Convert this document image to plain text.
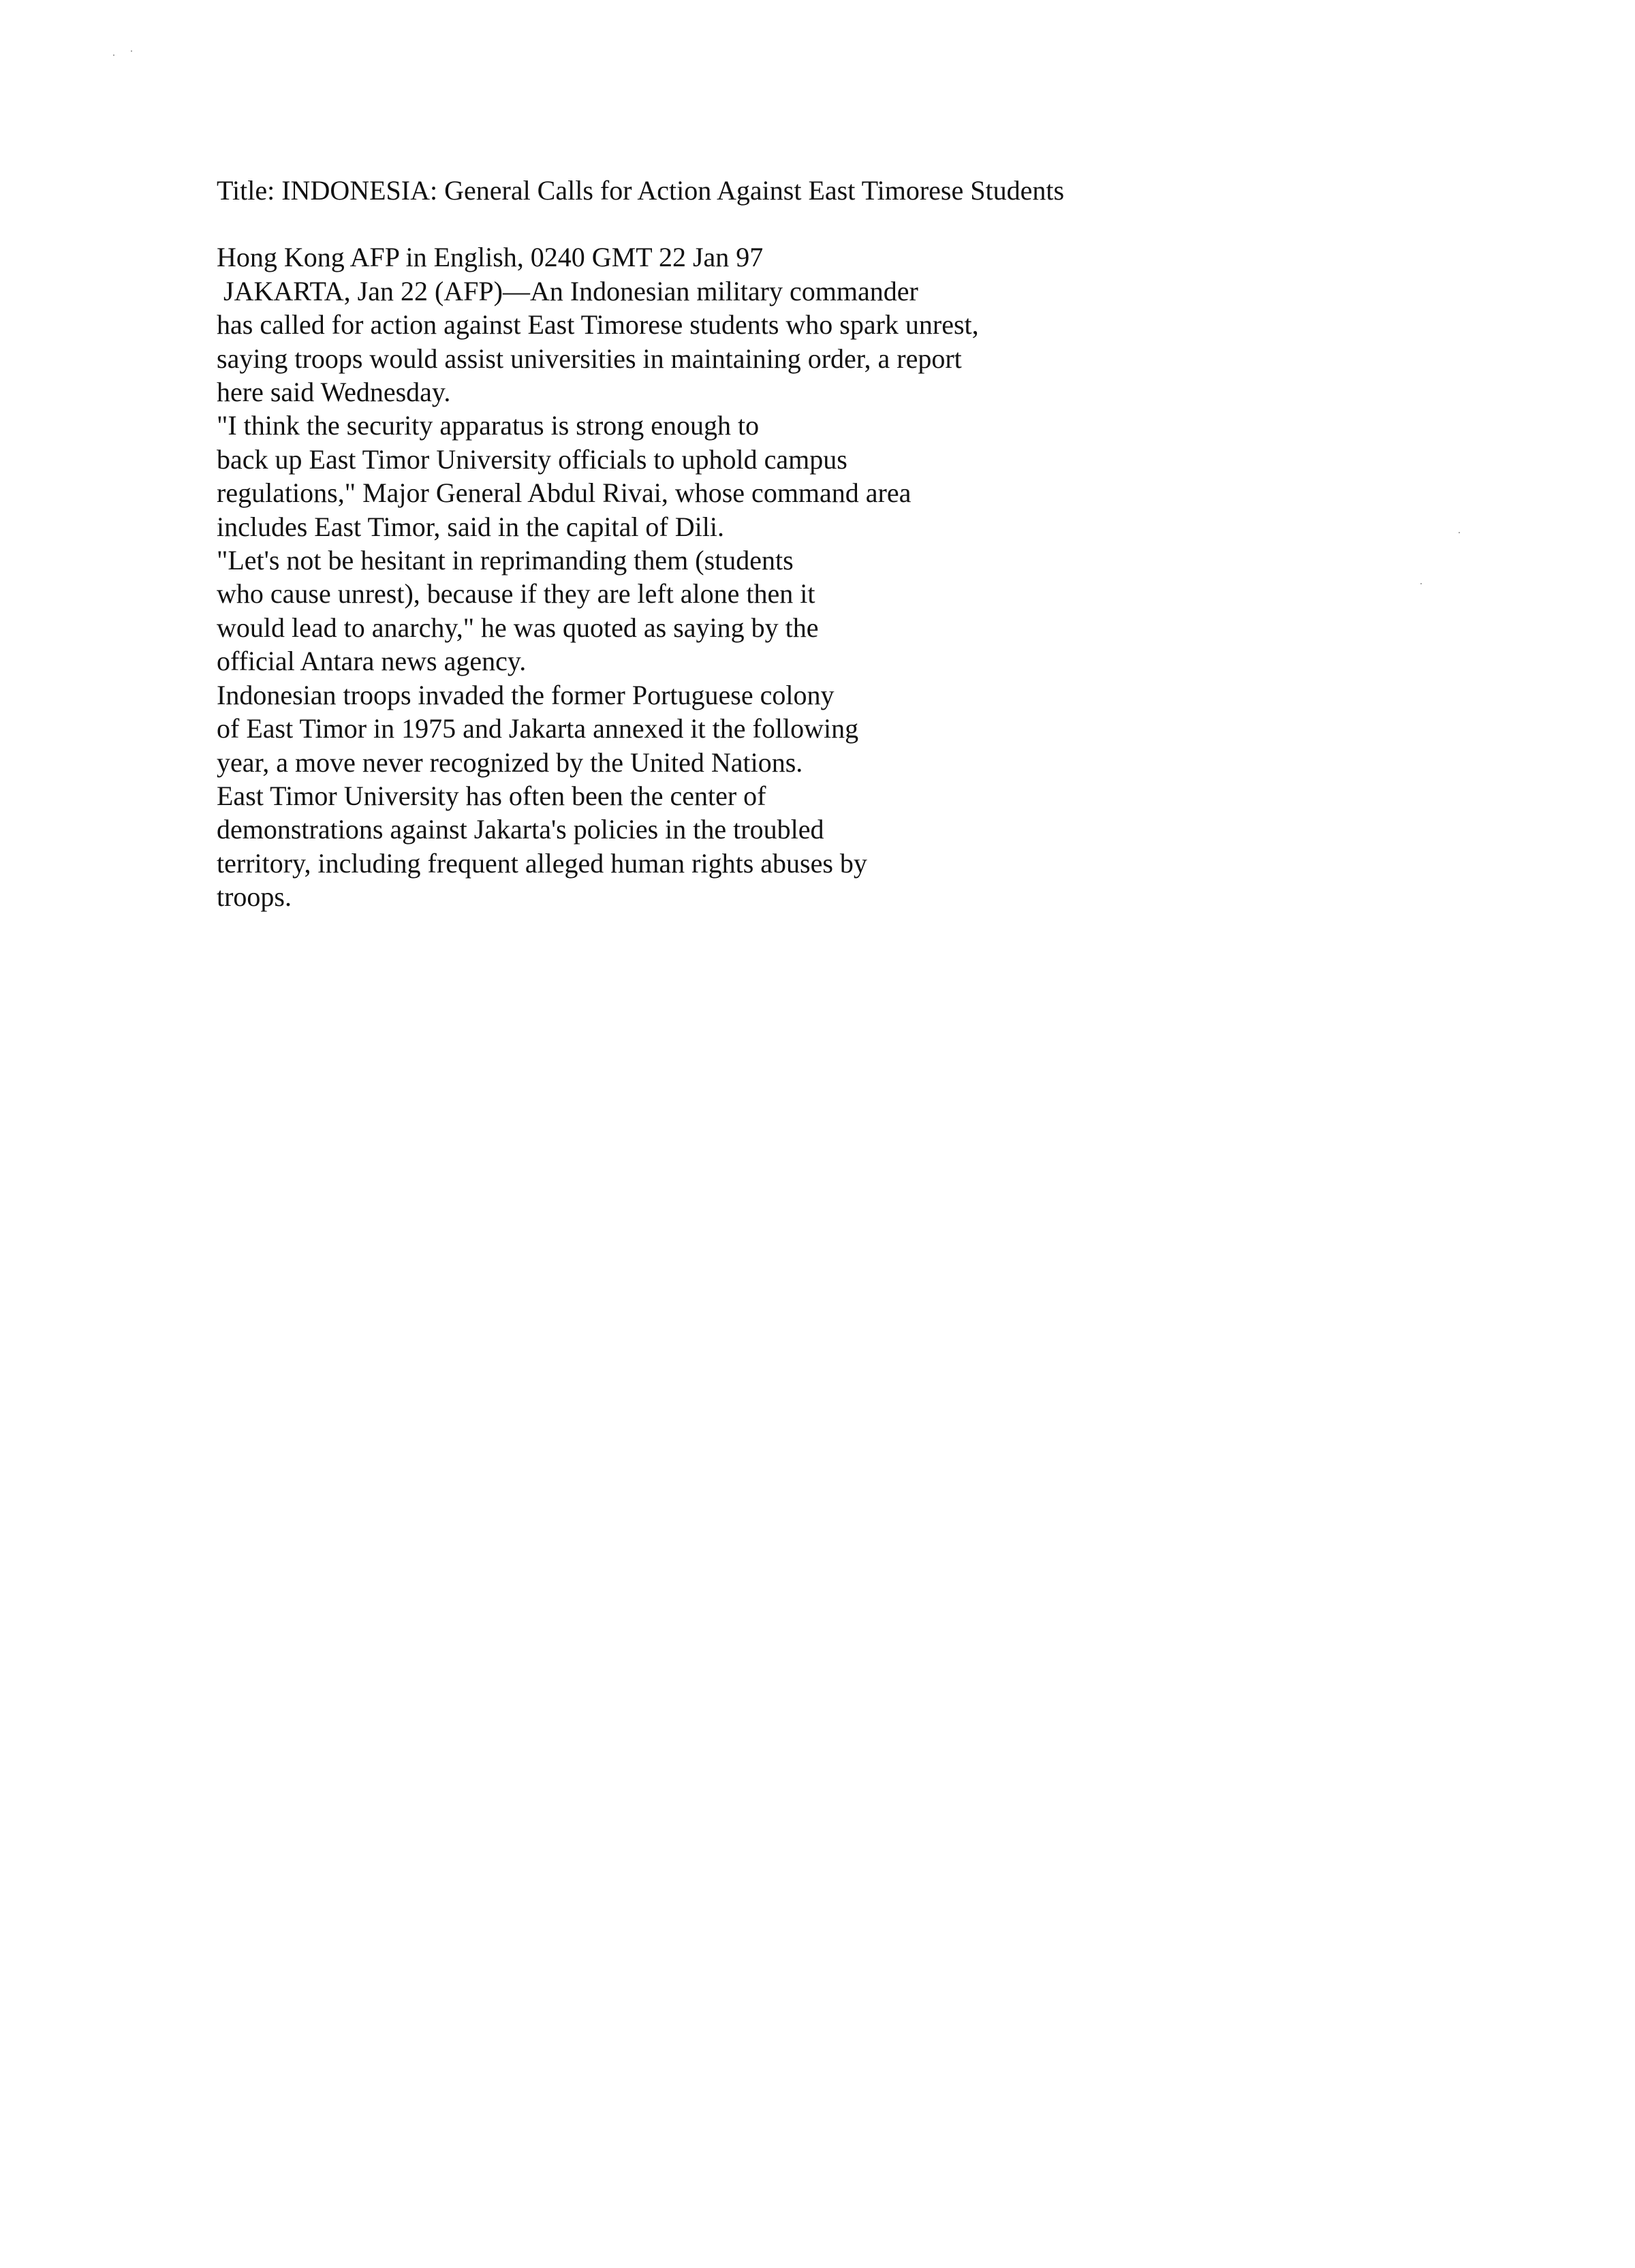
Title: INDONESIA: General Calls for Action Against East Timorese Students
Hong Kong AFP in English, 0240 GMT 22 Jan 97
JAKARTA, Jan 22 (AFP)—An Indonesian military commander
has called for action against East Timorese students who spark unrest,
saying troops would assist universities in maintaining order, a report
here said Wednesday.
"I think the security apparatus is strong enough to
back up East Timor University officials to uphold campus
regulations," Major General Abdul Rivai, whose command area
includes East Timor, said in the capital of Dili.
"Let's not be hesitant in reprimanding them (students
who cause unrest), because if they are left alone then it
would lead to anarchy," he was quoted as saying by the
official Antara news agency.
Indonesian troops invaded the former Portuguese colony
of East Timor in 1975 and Jakarta annexed it the following
year, a move never recognized by the United Nations.
East Timor University has often been the center of
demonstrations against Jakarta's policies in the troubled
territory, including frequent alleged human rights abuses by
troops.
